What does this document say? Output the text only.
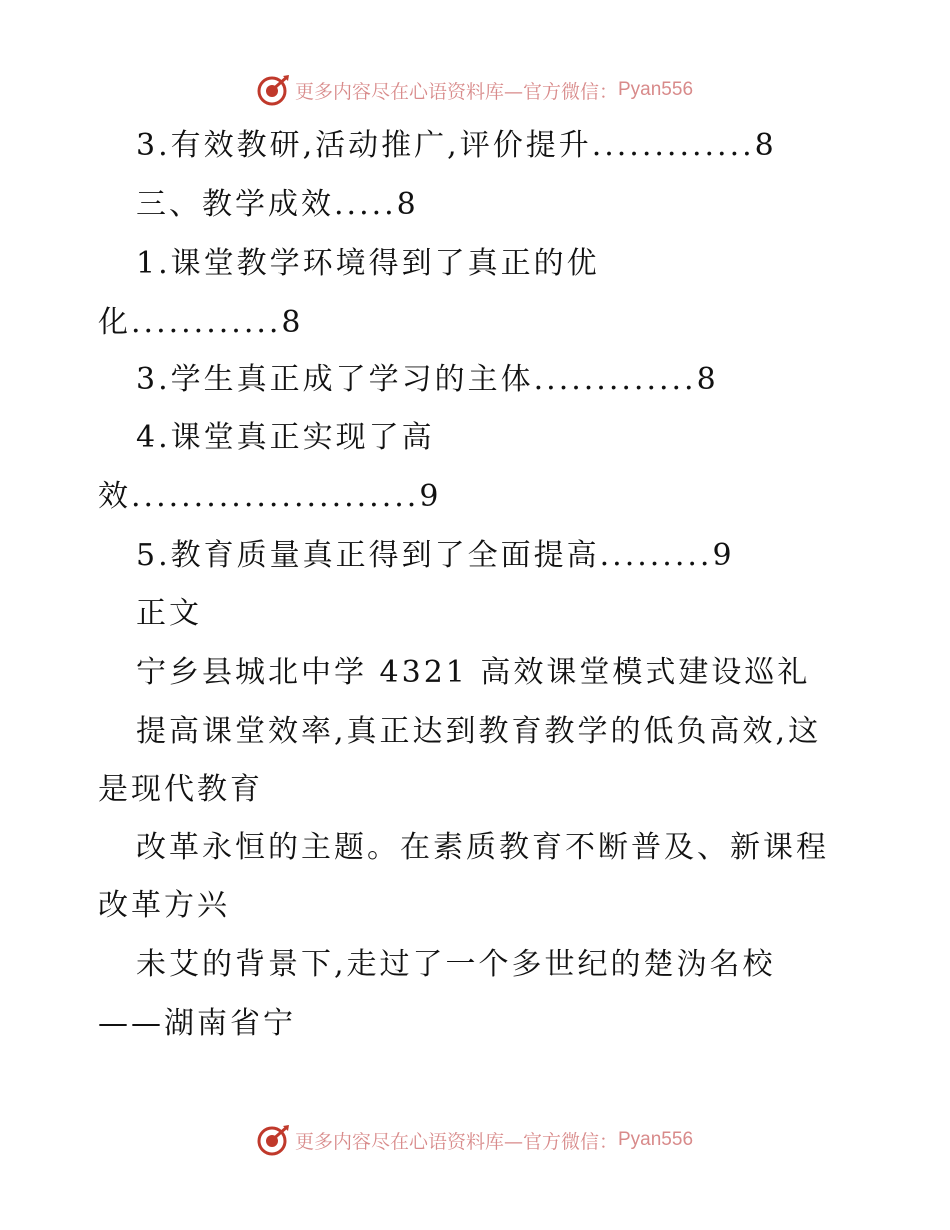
更多内容尽在心语资料库—官方微信： Pyan556
3.有效教研,活动推广,评价提升.............8
三、教学成效.....8
1.课堂教学环境得到了真正的优
化............8
3.学生真正成了学习的主体.............8
4.课堂真正实现了高
效.......................9
5.教育质量真正得到了全面提高.........9
正文
宁乡县城北中学 4321 高效课堂模式建设巡礼
提高课堂效率,真正达到教育教学的低负高效,这
是现代教育
改革永恒的主题。在素质教育不断普及、新课程
改革方兴
未艾的背景下,走过了一个多世纪的楚沩名校
——湖南省宁
更多内容尽在心语资料库—官方微信： Pyan556
